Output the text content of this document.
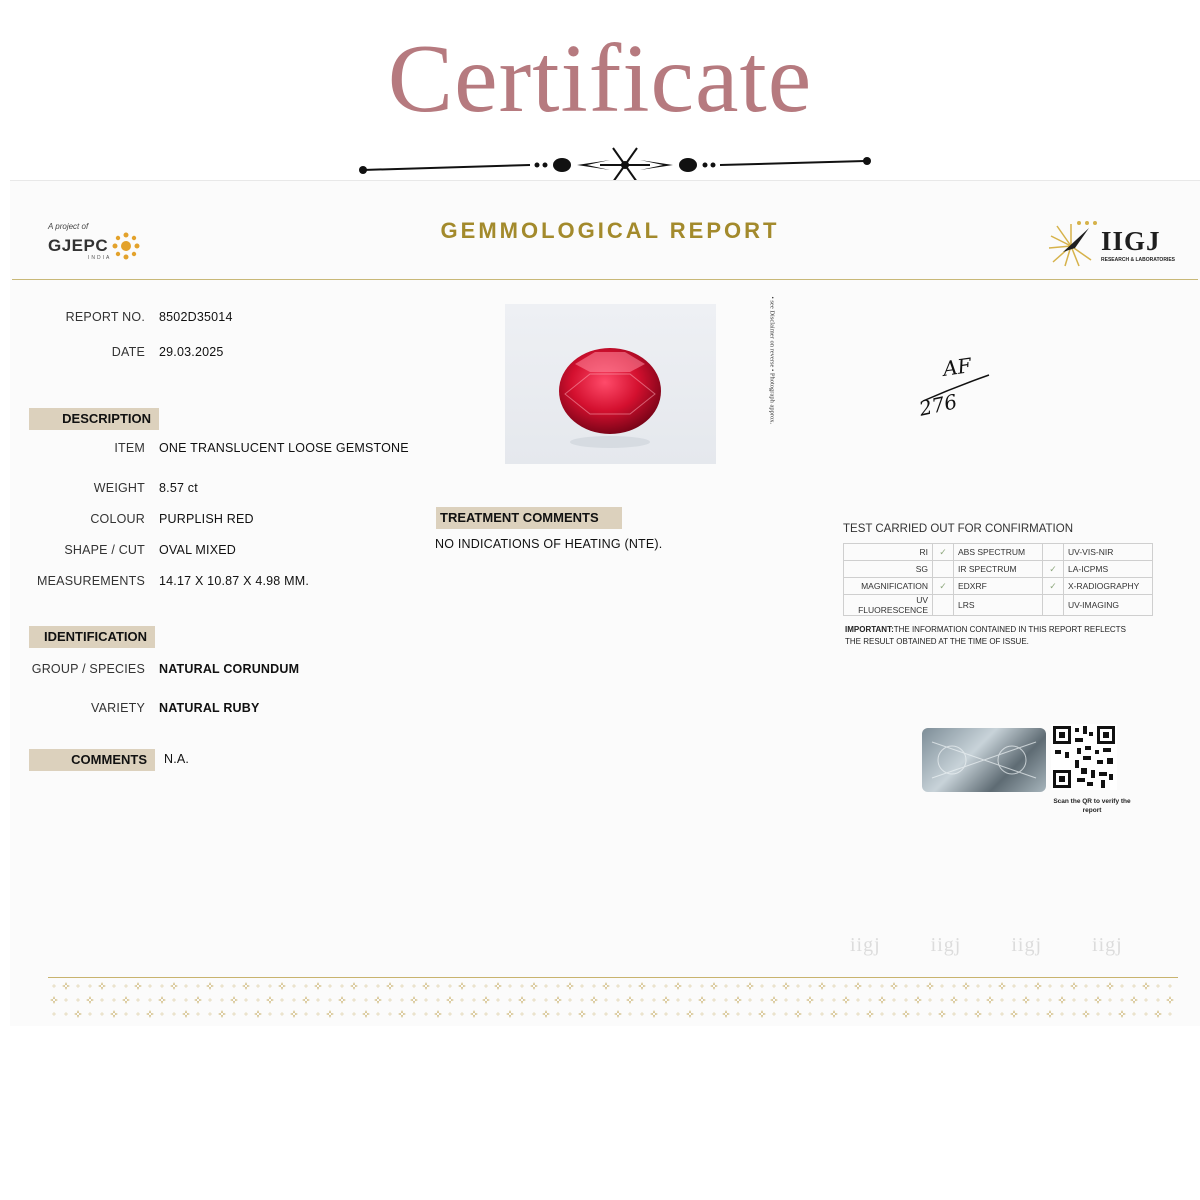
Certificate
A project of
GJEPC
INDIA
GEMMOLOGICAL REPORT	IIGJ
RESEARCH & LABORATORIES
REPORT NO. 8502D35014
DATE 29.03.2025
DESCRIPTION
ITEM ONE TRANSLUCENT LOOSE GEMSTONE
WEIGHT 8.57 ct
COLOUR PURPLISH RED
SHAPE / CUT OVAL MIXED
MEASUREMENTS 14.17 X 10.87 X 4.98 MM.
IDENTIFICATION
GROUP / SPECIES NATURAL CORUNDUM
VARIETY NATURAL RUBY
COMMENTS	N.A.
• see Disclaimer on reverse • Photograph approx.	AF
276
TREATMENT COMMENTS
NO INDICATIONS OF HEATING (NTE).
TEST CARRIED OUT FOR CONFIRMATION
RI	✓	ABS SPECTRUM		UV-VIS-NIR
SG		IR SPECTRUM	✓	LA-ICPMS
MAGNIFICATION	✓	EDXRF	✓	X-RADIOGRAPHY
UV FLUORESCENCE		LRS		UV-IMAGING
IMPORTANT:THE INFORMATION CONTAINED IN THIS REPORT REFLECTS THE RESULT OBTAINED AT THE TIME OF ISSUE.
Scan the QR to verify the report
iigj	iigj	iigj	iigj
